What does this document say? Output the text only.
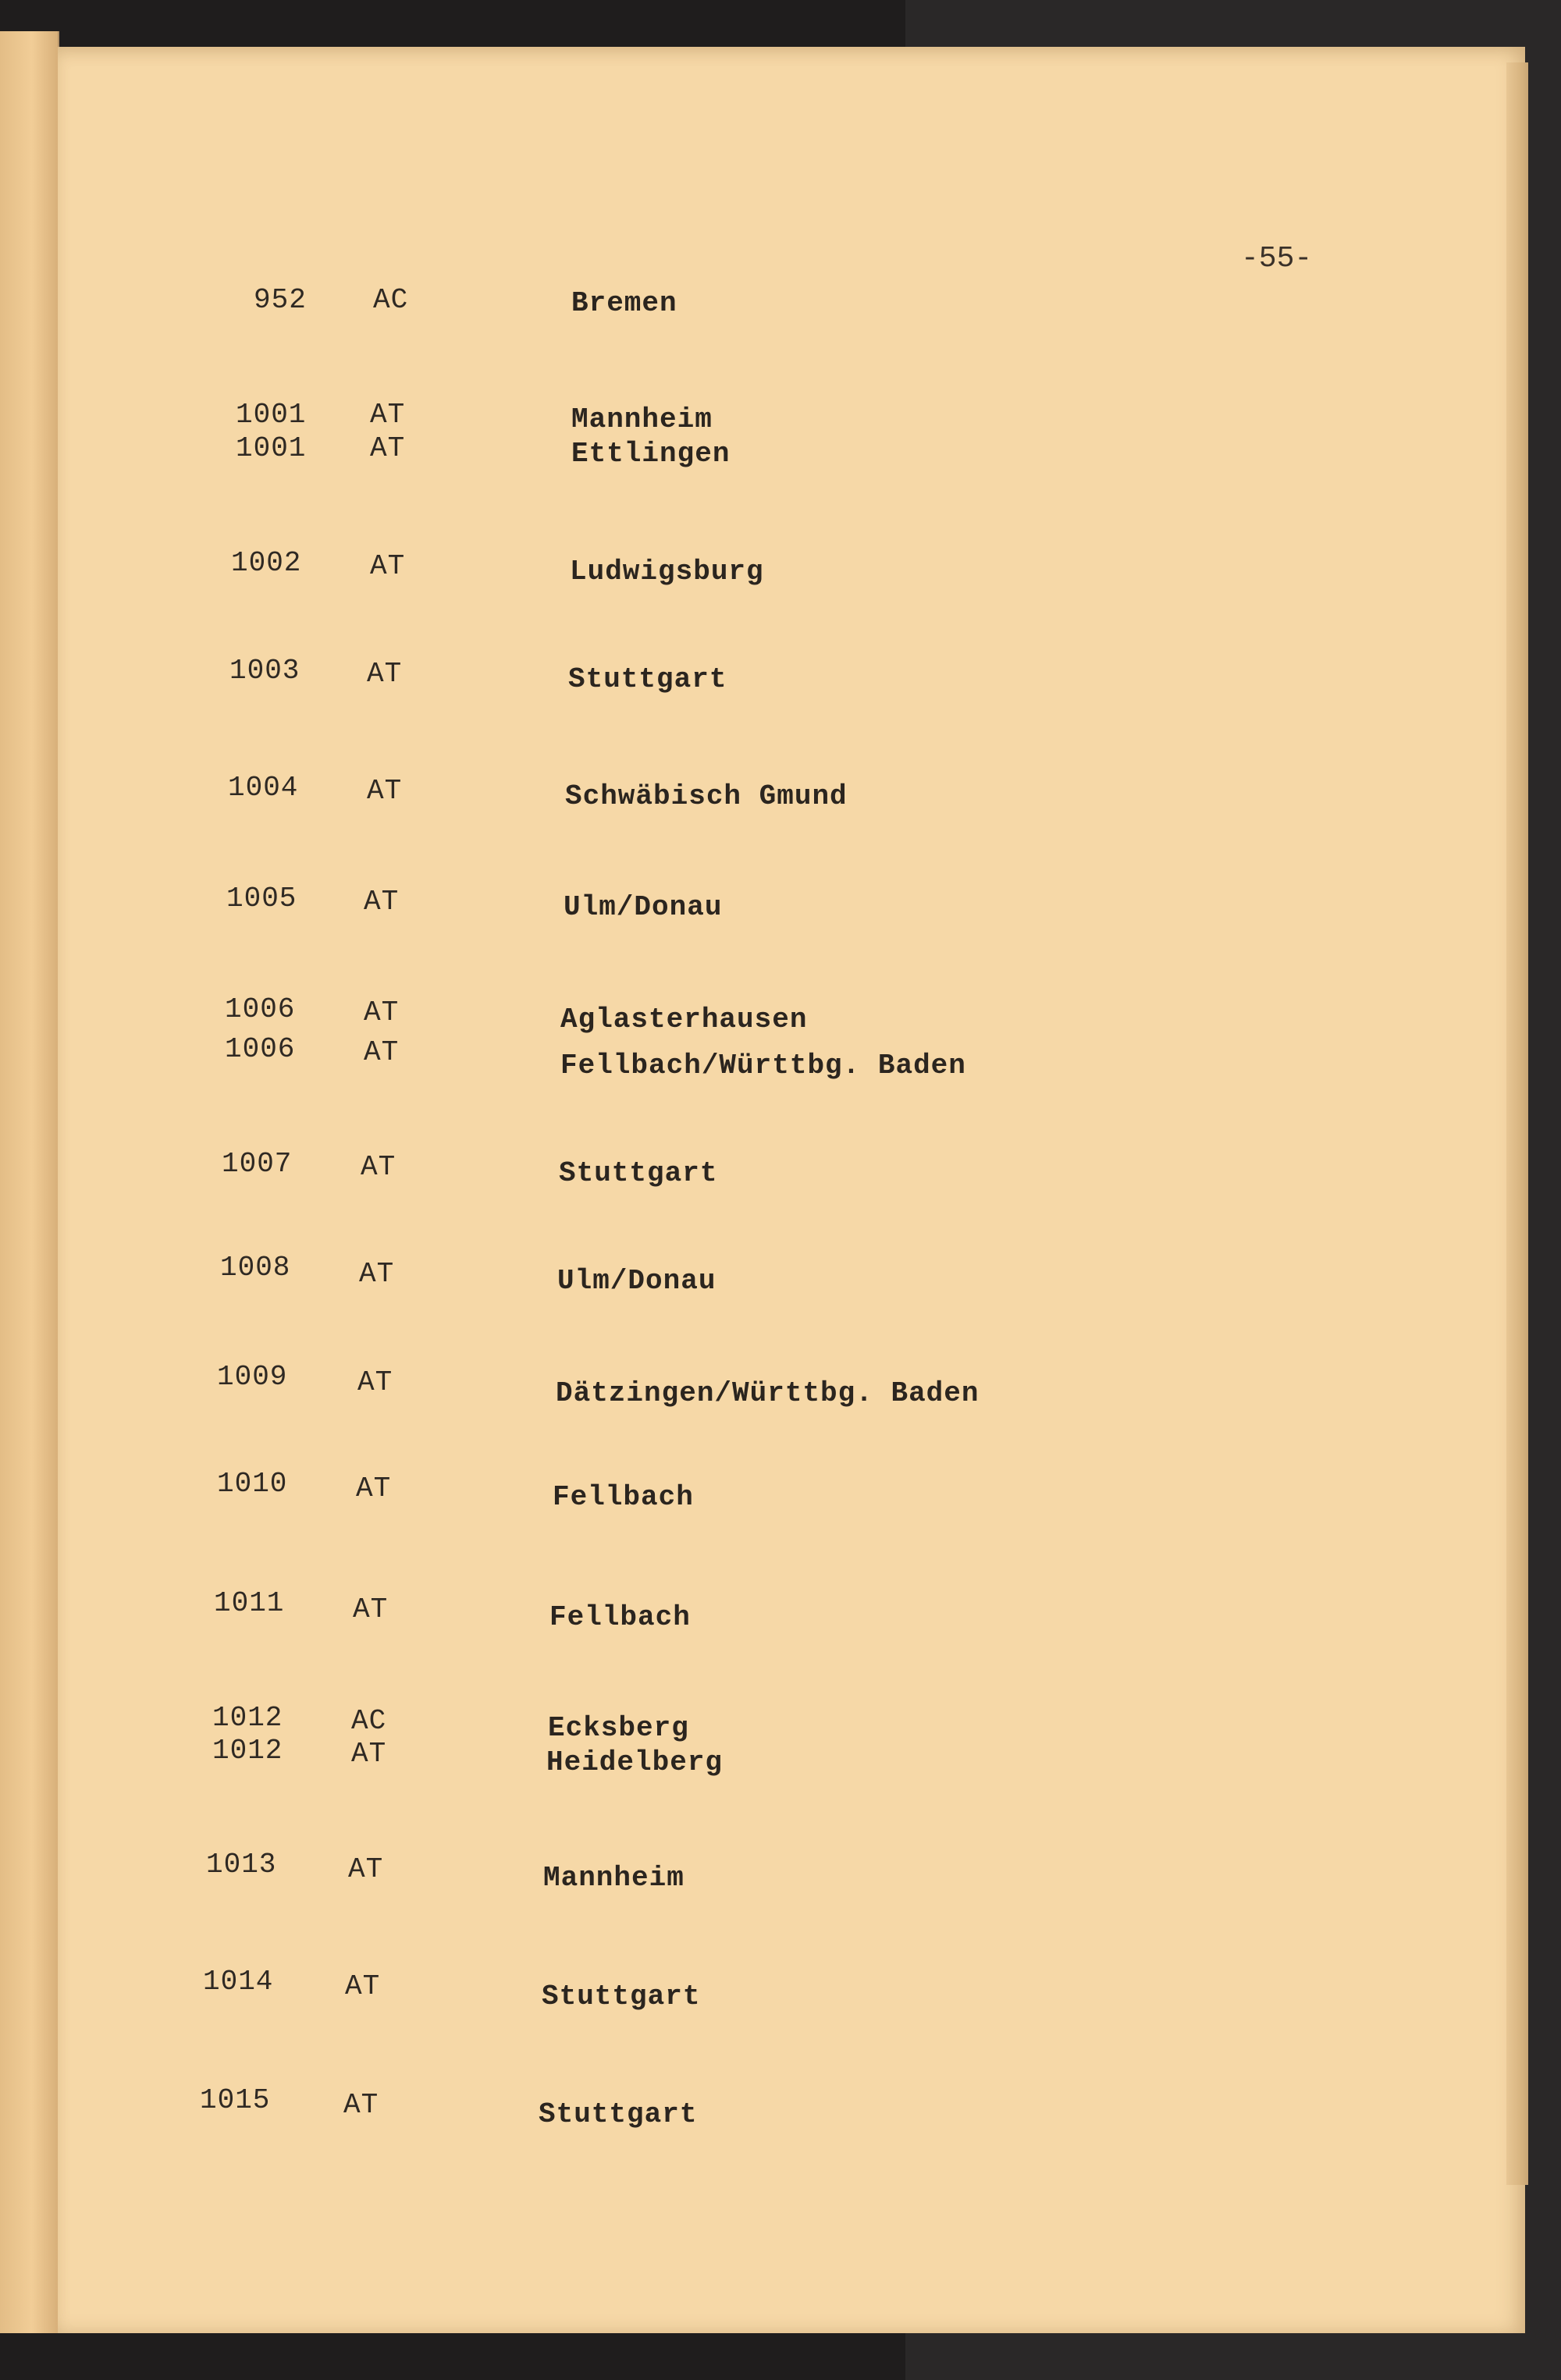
-55-
952 AC	Bremen
1001 AT	Mannheim
1001 AT	Ettlingen
1002 AT	Ludwigsburg
1003 AT	Stuttgart
1004 AT	Schwäbisch Gmund
1005 AT	Ulm/Donau
1006 AT	Aglasterhausen
1006 AT	Fellbach/Württbg. Baden
1007 AT	Stuttgart
1008 AT	Ulm/Donau
1009 AT	Dätzingen/Württbg. Baden
1010 AT	Fellbach
1011 AT	Fellbach
1012 AC	Ecksberg
1012 AT	Heidelberg
1013	AT	Mannheim
1014	AT	Stuttgart
1015	AT	Stuttgart
